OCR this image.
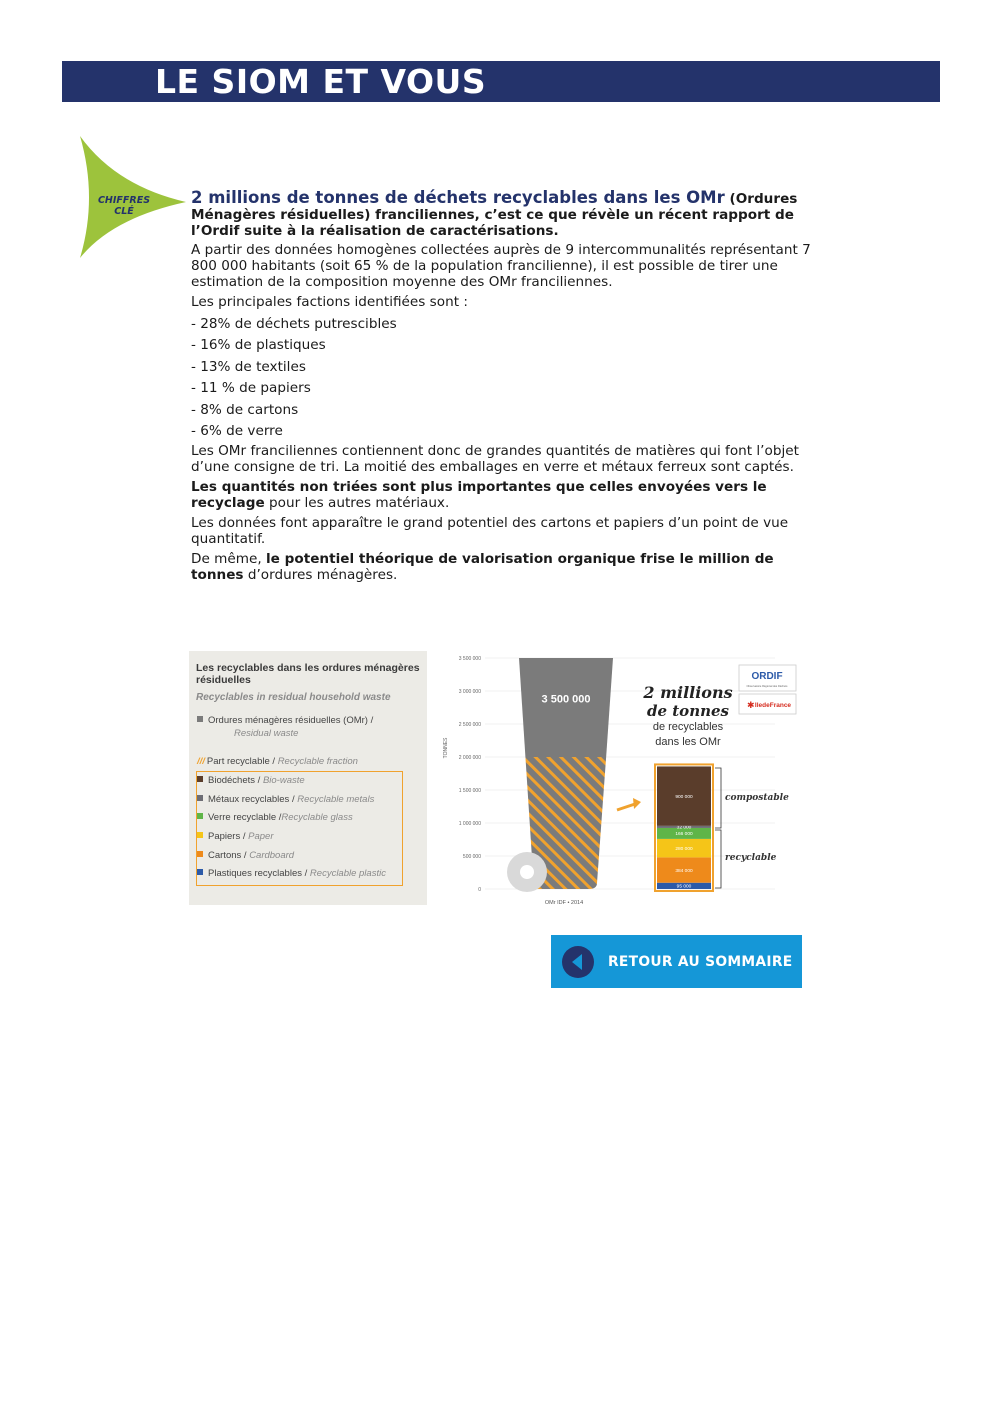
LE SIOM ET VOUS
CHIFFRES
CLÉ

2 millions de tonnes de déchets recyclables dans les OMr (Ordures Ménagères résiduelles) franciliennes, c’est ce que révèle un récent rapport de l’Ordif suite à la réalisation de caractérisations.

A partir des données homogènes collectées auprès de 9 intercommunalités représentant 7 800 000 habitants (soit 65 % de la population francilienne), il est possible de tirer une estimation de la composition moyenne des OMr franciliennes.

Les principales factions identifiées sont :

- 28% de déchets putrescibles

- 16% de plastiques

- 13% de textiles

- 11 % de papiers

- 8% de cartons

- 6% de verre

Les OMr franciliennes contiennent donc de grandes quantités de matières qui font l’objet d’une consigne de tri. La moitié des emballages en verre et métaux ferreux sont captés.

Les quantités non triées sont plus importantes que celles envoyées vers le recyclage pour les autres matériaux.

Les données font apparaître le grand potentiel des cartons et papiers d’un point de vue quantitatif.

De même, le potentiel théorique de valorisation organique frise le million de tonnes d’ordures ménagères.

Les recyclables dans les ordures ménagères résiduelles
Recyclables in residual household waste
Ordures ménagères résiduelles (OMr) /
Residual waste
/// Part recyclable / Recyclable fraction
Biodéchets / Bio-waste
Métaux recyclables / Recyclable metals
Verre recyclable /Recyclable glass
Papiers / Paper
Cartons / Cardboard
Plastiques recyclables / Recyclable plastic
0
500 000
1 000 000
1 500 000
2 000 000
2 500 000
3 000 000
3 500 000
TONNES
3 500 000
OMr IDF • 2014
95 000
384 000
280 000
166 000
32 000
900 000
2 millions
de tonnes
de recyclables
dans les OMr
compostable
recyclable
ORDIF
Observatoire Régional des Déchets
✱ IledeFrance
RETOUR AU SOMMAIRE
